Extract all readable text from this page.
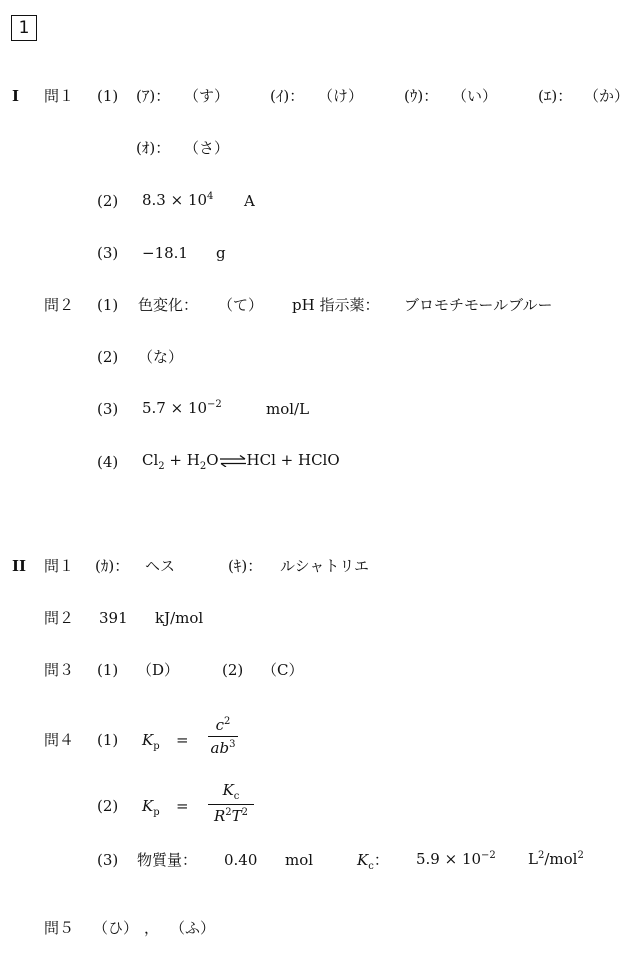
1
I 問１ (1) (ｱ)： （す）	(ｲ)： （け）	(ｳ)： （い）	(ｴ)： （か）
(ｵ)： （さ）
(2) $8.3 \times 10^4$ A
(3) −18.1 g
問２ (1) 色変化： （て） pH 指示薬： ブロモチモールブルー
(2) （な）
(3) $5.7 \times 10^{-2}$	mol/L
(4) $Cl_2$ + $H_2O\rightleftharpoons HCl$ + HClO
II 問１ (ｶ)： ヘス	(ｷ)： ルシャトリエ
問２ 391 kJ/mol
問３ (1) （D）	(2) （C）
問４ (1) $K_p$ =
$c^2$
$ab^3$
(2) $K_p$ =
$K_c$
$R^2T^2$
(3) 物質量： 0.40 mol	$K_c$： $5.9 \times 10^{-2}$ $L^2/mol^2$
問５ （ひ） ， （ふ）
